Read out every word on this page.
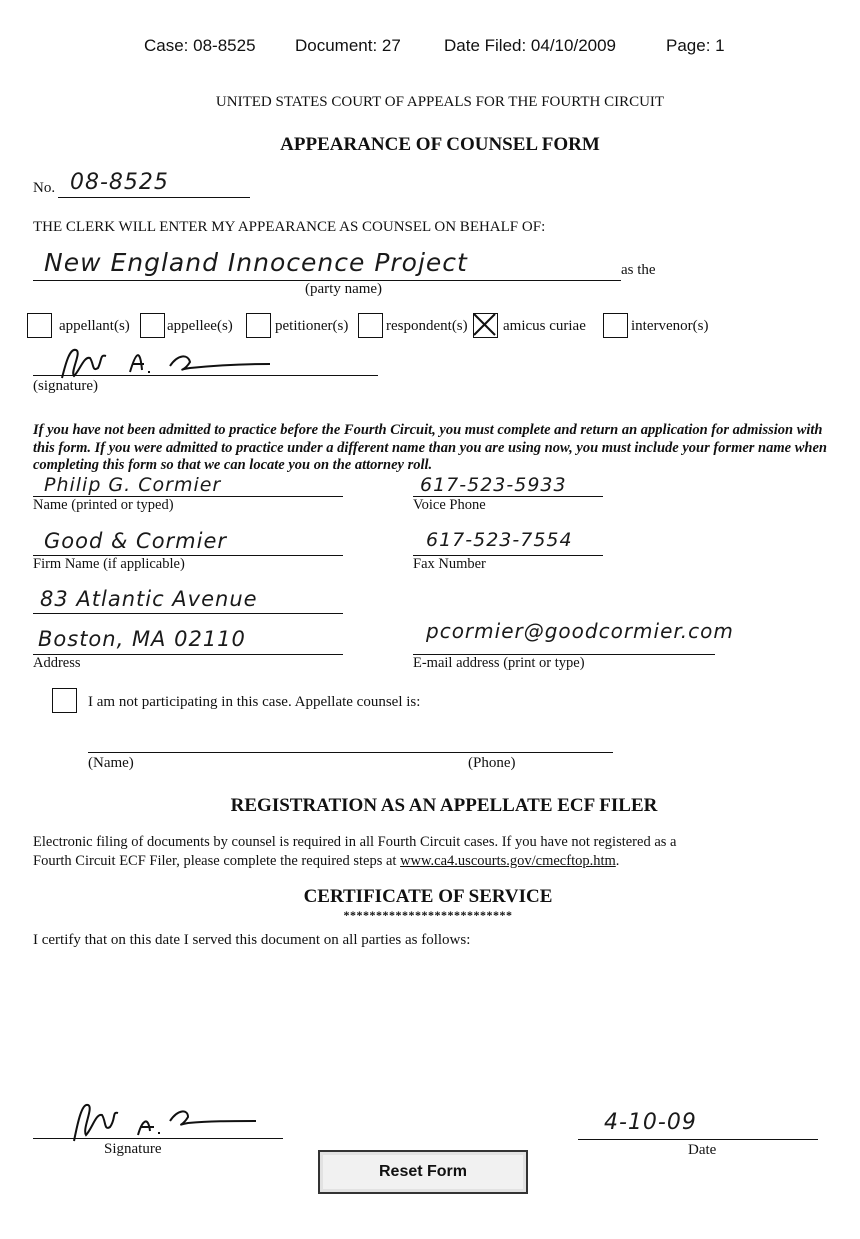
Case: 08-8525 Document: 27	Date Filed: 04/10/2009	Page: 1
UNITED STATES COURT OF APPEALS FOR THE FOURTH CIRCUIT
APPEARANCE OF COUNSEL FORM
No. 08-8525
THE CLERK WILL ENTER MY APPEARANCE AS COUNSEL ON BEHALF OF:
New England Innocence Project	as the
(party name)
appellant(s) appellee(s)	petitioner(s)	respondent(s) amicus curiae	intervenor(s)
(signature)
If you have not been admitted to practice before the Fourth Circuit, you must complete and return an application for admission with this form. If you were admitted to practice under a different name than you are using now, you must include your former name when completing this form so that we can locate you on the attorney roll.
Philip G. Cormier
Name (printed or typed)
617-523-5933
Voice Phone
Good & Cormier
Firm Name (if applicable)
617-523-7554
Fax Number
83 Atlantic Avenue
Boston, MA 02110
Address
pcormier@goodcormier.com
E-mail address (print or type)
I am not participating in this case. Appellate counsel is:
(Name)	(Phone)
REGISTRATION AS AN APPELLATE ECF FILER
Electronic filing of documents by counsel is required in all Fourth Circuit cases. If you have not registered as a
Fourth Circuit ECF Filer, please complete the required steps at www.ca4.uscourts.gov/cmecftop.htm.
CERTIFICATE OF SERVICE
**************************
I certify that on this date I served this document on all parties as follows:
Signature
4-10-09
Date
Reset Form
